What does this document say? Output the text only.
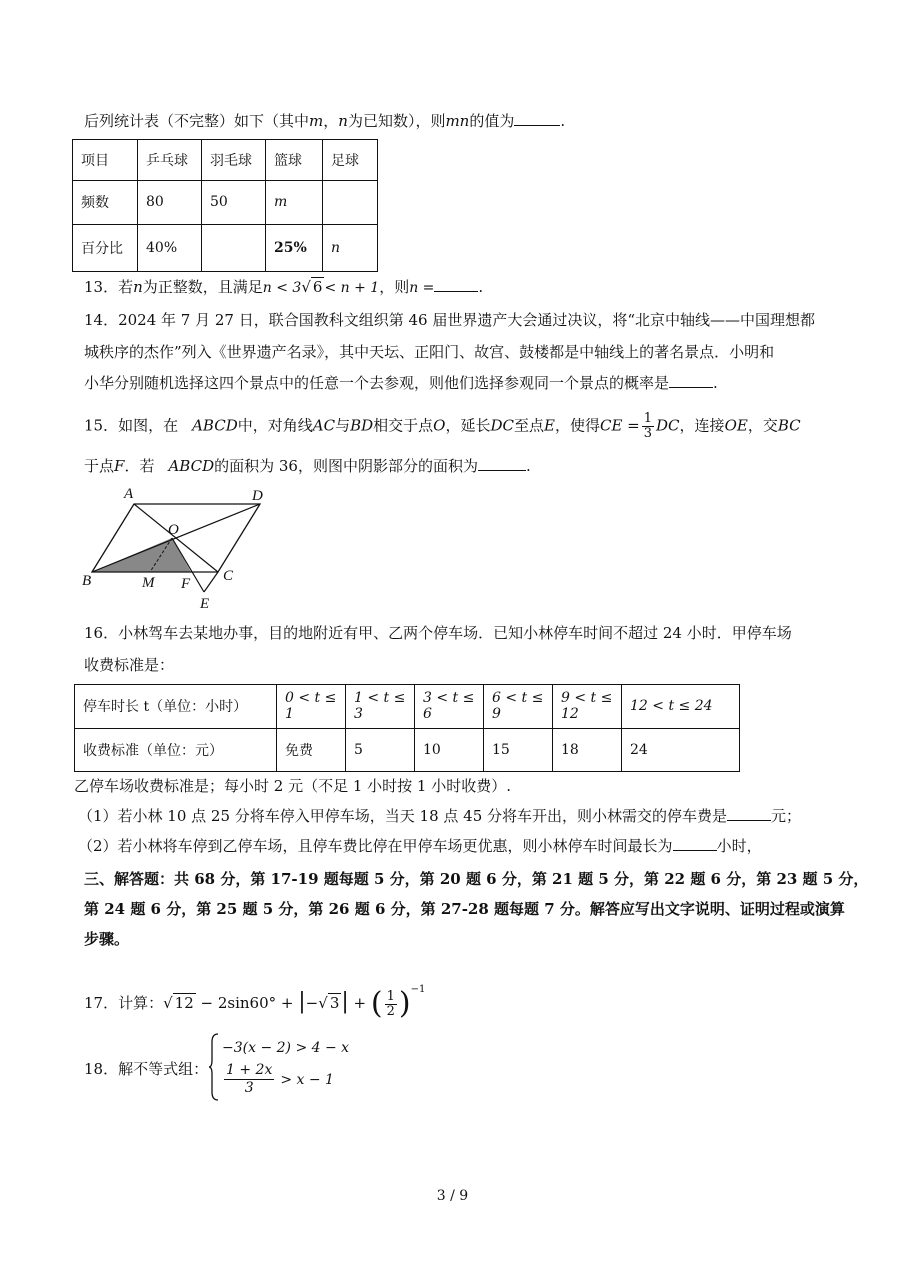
后列统计表（不完整）如下（其中m，n为已知数），则mn的值为	.
项目	乒乓球	羽毛球	篮球	足球
频数	80	50	m	
百分比	40%		25%	n
13．若n为正整数，且满足n < 3√ 6 < n + 1，则n =	.
14．2024 年 7 月 27 日，联合国教科文组织第 46 届世界遗产大会通过决议，将“北京中轴线——中国理想都
城秩序的杰作”列入《世界遗产名录》，其中天坛、正阳门、故宫、鼓楼都是中轴线上的著名景点．小明和
小华分别随机选择这四个景点中的任意一个去参观，则他们选择参观同一个景点的概率是	.
15．如图，在 ABCD中，对角线AC与BD相交于点O，延长DC至点E，使得CE = $\frac{1}{3}$ DC，连接OE，交BC
于点F．若 ABCD的面积为 36，则图中阴影部分的面积为	.
A	D
O
B	M F C
E
16．小林驾车去某地办事，目的地附近有甲、乙两个停车场．已知小林停车时间不超过 24 小时．甲停车场
收费标准是：
停车时长 t（单位：小时）	0 < t ≤ 1	1 < t ≤ 3	3 < t ≤ 6	6 < t ≤ 9	9 < t ≤ 12	12 < t ≤ 24
收费标准（单位：元）	免费	5	10	15	18	24
乙停车场收费标准是；每小时 2 元（不足 1 小时按 1 小时收费）.
（1）若小林 10 点 25 分将车停入甲停车场，当天 18 点 45 分将车开出，则小林需交的停车费是	元；
（2）若小林将车停到乙停车场，且停车费比停在甲停车场更优惠，则小林停车时间最长为	小时，
三、解答题：共 68 分，第 17-19 题每题 5 分，第 20 题 6 分，第 21 题 5 分，第 22 题 6 分，第 23 题 5 分，
第 24 题 6 分，第 25 题 5 分，第 26 题 6 分，第 27-28 题每题 7 分。解答应写出文字说明、证明过程或演算
步骤。
17．计算：√ 12 − 2sin60° + |−√ 3| + ( $\frac{1}{2} )^{-1}$
18．解不等式组：
−3(x − 2) > 4 − x
$\frac{1 + 2x}{3} > x - 1$
3 / 9
